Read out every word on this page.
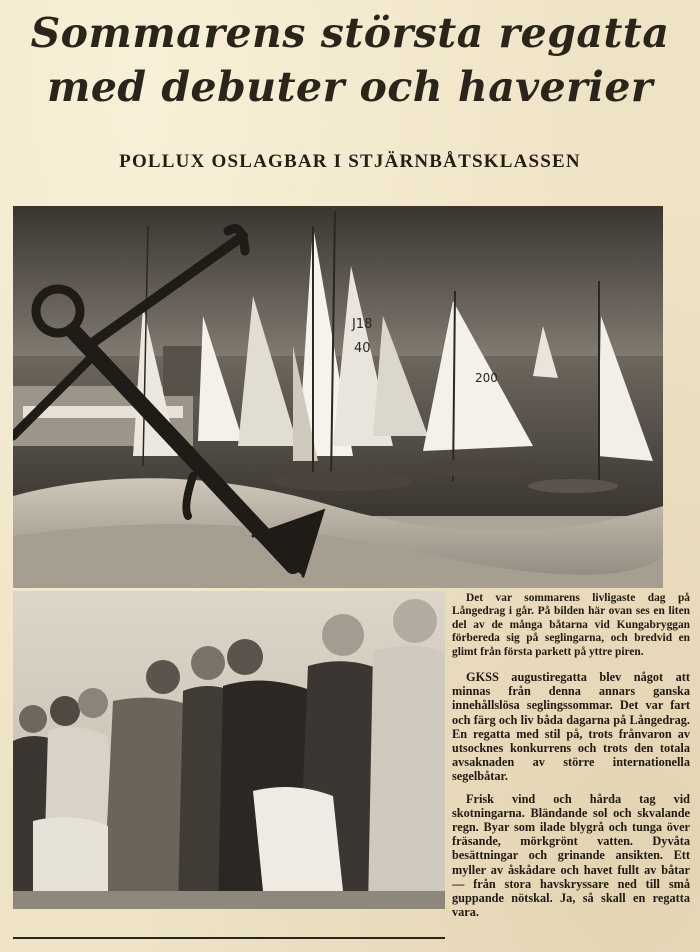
Sommarens största regatta
med debuter och haverier
POLLUX OSLAGBAR I STJÄRNBÅTSKLASSEN
J18
40
200

Det var sommarens livligaste dag på Långedrag i går. På bilden här ovan ses en liten del av de många båtarna vid Kungabryggan förbereda sig på seglingarna, och bredvid en glimt från första parkett på yttre piren.

GKSS augustiregatta blev något att minnas från denna annars ganska innehållslösa seglingssommar. Det var fart och färg och liv båda dagarna på Långedrag. En regatta med stil på, trots frånvaron av utsocknes konkurrens och trots den totala avsaknaden av större internationella segelbåtar.

Frisk vind och hårda tag vid skotningarna. Bländande sol och skvalande regn. Byar som ilade blygrå och tunga över fräsande, mörkgrönt vatten. Dyvåta besättningar och grinande ansikten. Ett myller av åskådare och havet fullt av båtar — från stora havskryssare ned till små guppande nötskal. Ja, så skall en regatta vara.
